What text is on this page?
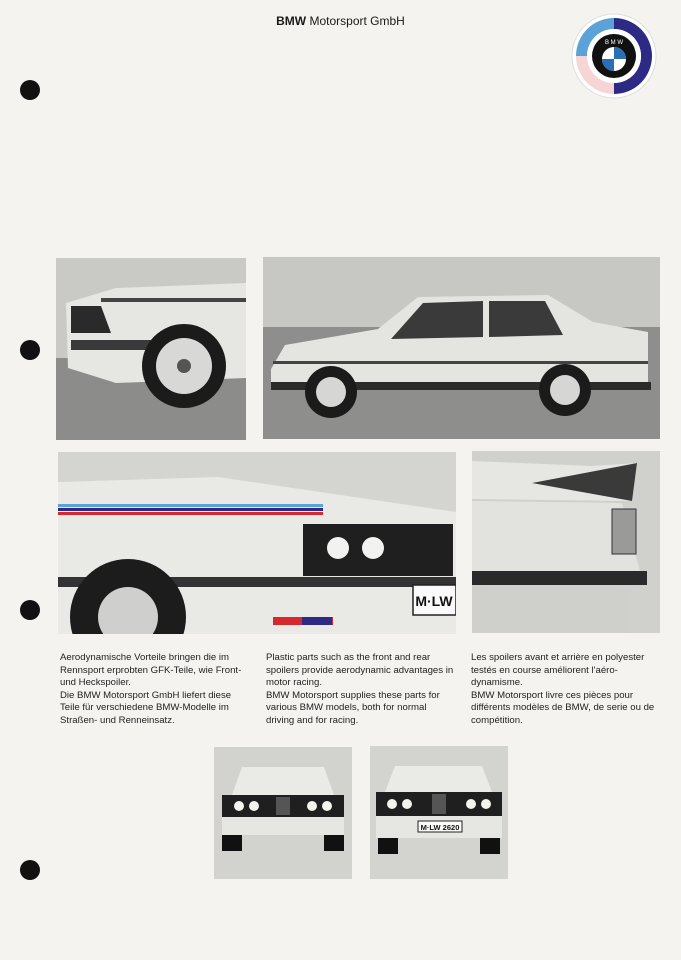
BMW Motorsport GmbH
B M W
M·LW

Aerodynamische Vorteile bringen die im Rennsport erprobten GFK-Teile, wie Front- und Heckspoiler.

Die BMW Motorsport GmbH liefert diese Teile für verschiedene BMW-Modelle im Straßen- und Renneinsatz.

Plastic parts such as the front and rear spoilers provide aerodynamic advantages in motor racing.

BMW Motorsport supplies these parts for various BMW models, both for normal driving and for racing.

Les spoilers avant et arrière en polyester testés en course améliorent l'aéro-dynamisme.

BMW Motorsport livre ces pièces pour différents modèles de BMW, de serie ou de compétition.

M·LW 2620
